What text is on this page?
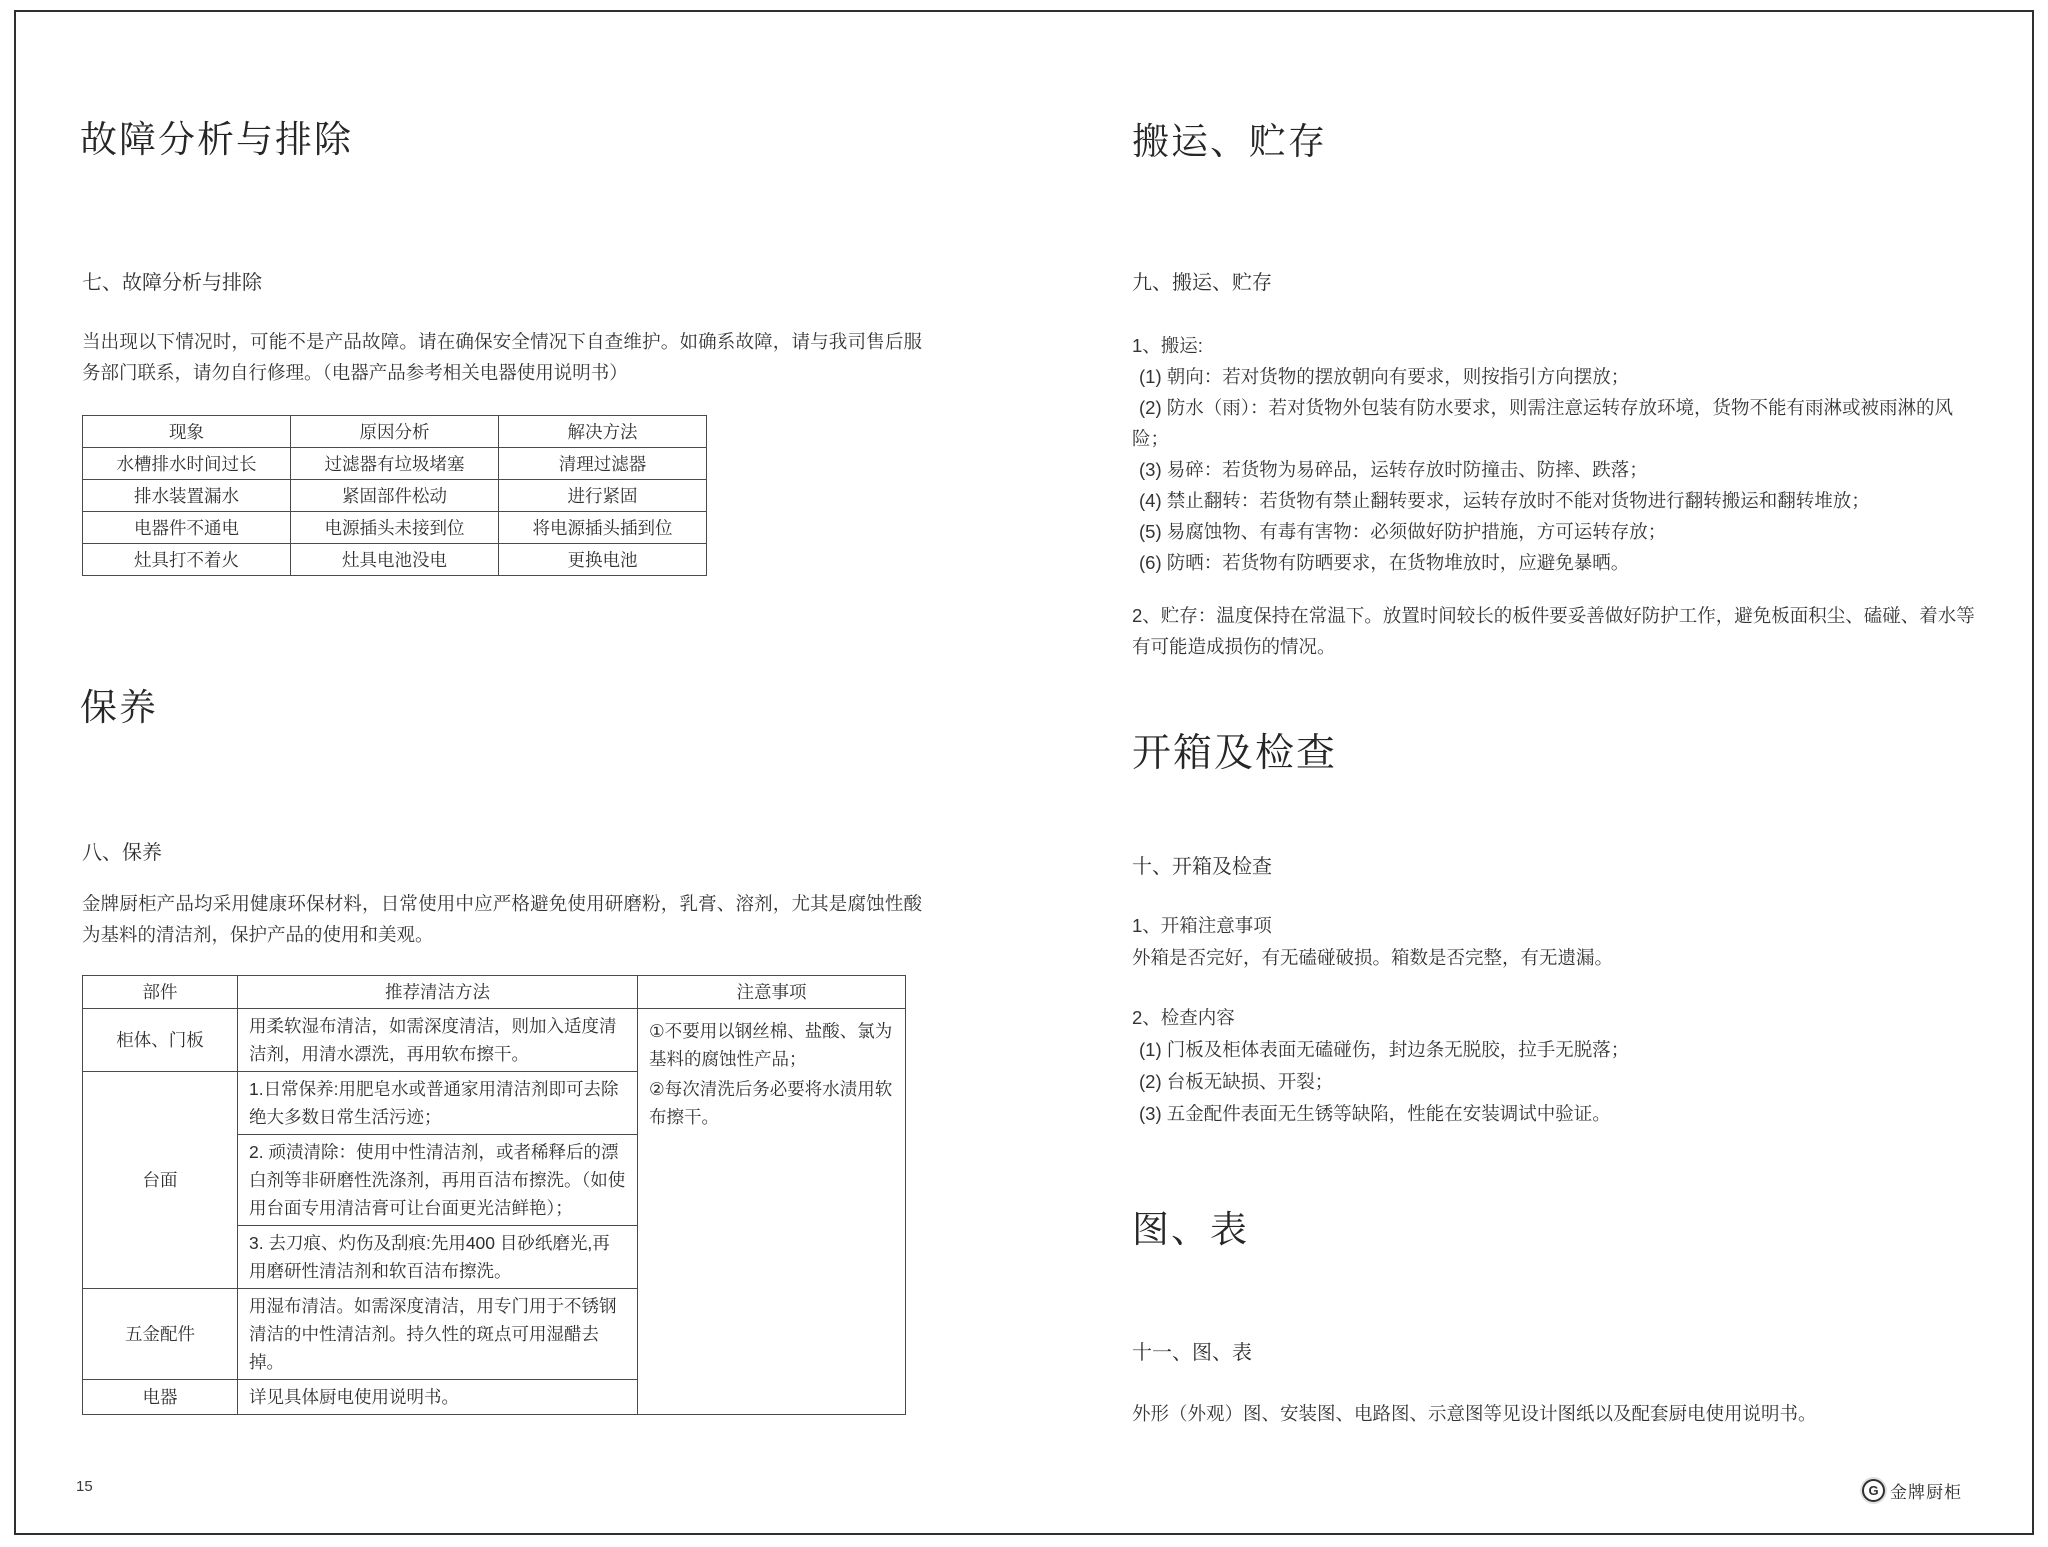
故障分析与排除
七、故障分析与排除
当出现以下情况时，可能不是产品故障。请在确保安全情况下自查维护。如确系故障，请与我司售后服务部门联系，请勿自行修理。（电器产品参考相关电器使用说明书）
现象	原因分析	解决方法
水槽排水时间过长	过滤器有垃圾堵塞	清理过滤器
排水装置漏水	紧固部件松动	进行紧固
电器件不通电	电源插头未接到位	将电源插头插到位
灶具打不着火	灶具电池没电	更换电池
保养
八、保养
金牌厨柜产品均采用健康环保材料，日常使用中应严格避免使用研磨粉，乳膏、溶剂，尤其是腐蚀性酸为基料的清洁剂，保护产品的使用和美观。
部件	推荐清洁方法	注意事项
柜体、门板	用柔软湿布清洁，如需深度清洁，则加入适度清洁剂，用清水漂洗，再用软布擦干。	①不要用以钢丝棉、盐酸、氯为基料的腐蚀性产品；

②每次清洗后务必要将水渍用软布擦干。

台面	1.日常保养:用肥皂水或普通家用清洁剂即可去除绝大多数日常生活污迹；	
	2. 顽渍清除：使用中性清洁剂，或者稀释后的漂白剂等非研磨性洗涤剂，再用百洁布擦洗。（如使用台面专用清洁膏可让台面更光洁鲜艳）；	
	3. 去刀痕、灼伤及刮痕:先用400 目砂纸磨光,再用磨研性清洁剂和软百洁布擦洗。	
五金配件	用湿布清洁。如需深度清洁，用专门用于不锈钢清洁的中性清洁剂。持久性的斑点可用湿醋去掉。	
电器	详见具体厨电使用说明书。	
15
搬运、贮存
九、搬运、贮存

1、搬运:

(1) 朝向：若对货物的摆放朝向有要求，则按指引方向摆放；

(2) 防水（雨）：若对货物外包装有防水要求，则需注意运转存放环境，货物不能有雨淋或被雨淋的风险；

(3) 易碎：若货物为易碎品，运转存放时防撞击、防摔、跌落；

(4) 禁止翻转：若货物有禁止翻转要求，运转存放时不能对货物进行翻转搬运和翻转堆放；

(5) 易腐蚀物、有毒有害物：必须做好防护措施，方可运转存放；

(6) 防晒：若货物有防晒要求，在货物堆放时，应避免暴晒。

2、贮存：温度保持在常温下。放置时间较长的板件要妥善做好防护工作，避免板面积尘、磕碰、着水等有可能造成损伤的情况。
开箱及检查
十、开箱及检查
1、开箱注意事项
外箱是否完好，有无磕碰破损。箱数是否完整，有无遗漏。
2、检查内容

(1) 门板及柜体表面无磕碰伤，封边条无脱胶，拉手无脱落；

(2) 台板无缺损、开裂；

(3) 五金配件表面无生锈等缺陷，性能在安装调试中验证。

图、表
十一、图、表
外形（外观）图、安装图、电路图、示意图等见设计图纸以及配套厨电使用说明书。
G 金牌厨柜
